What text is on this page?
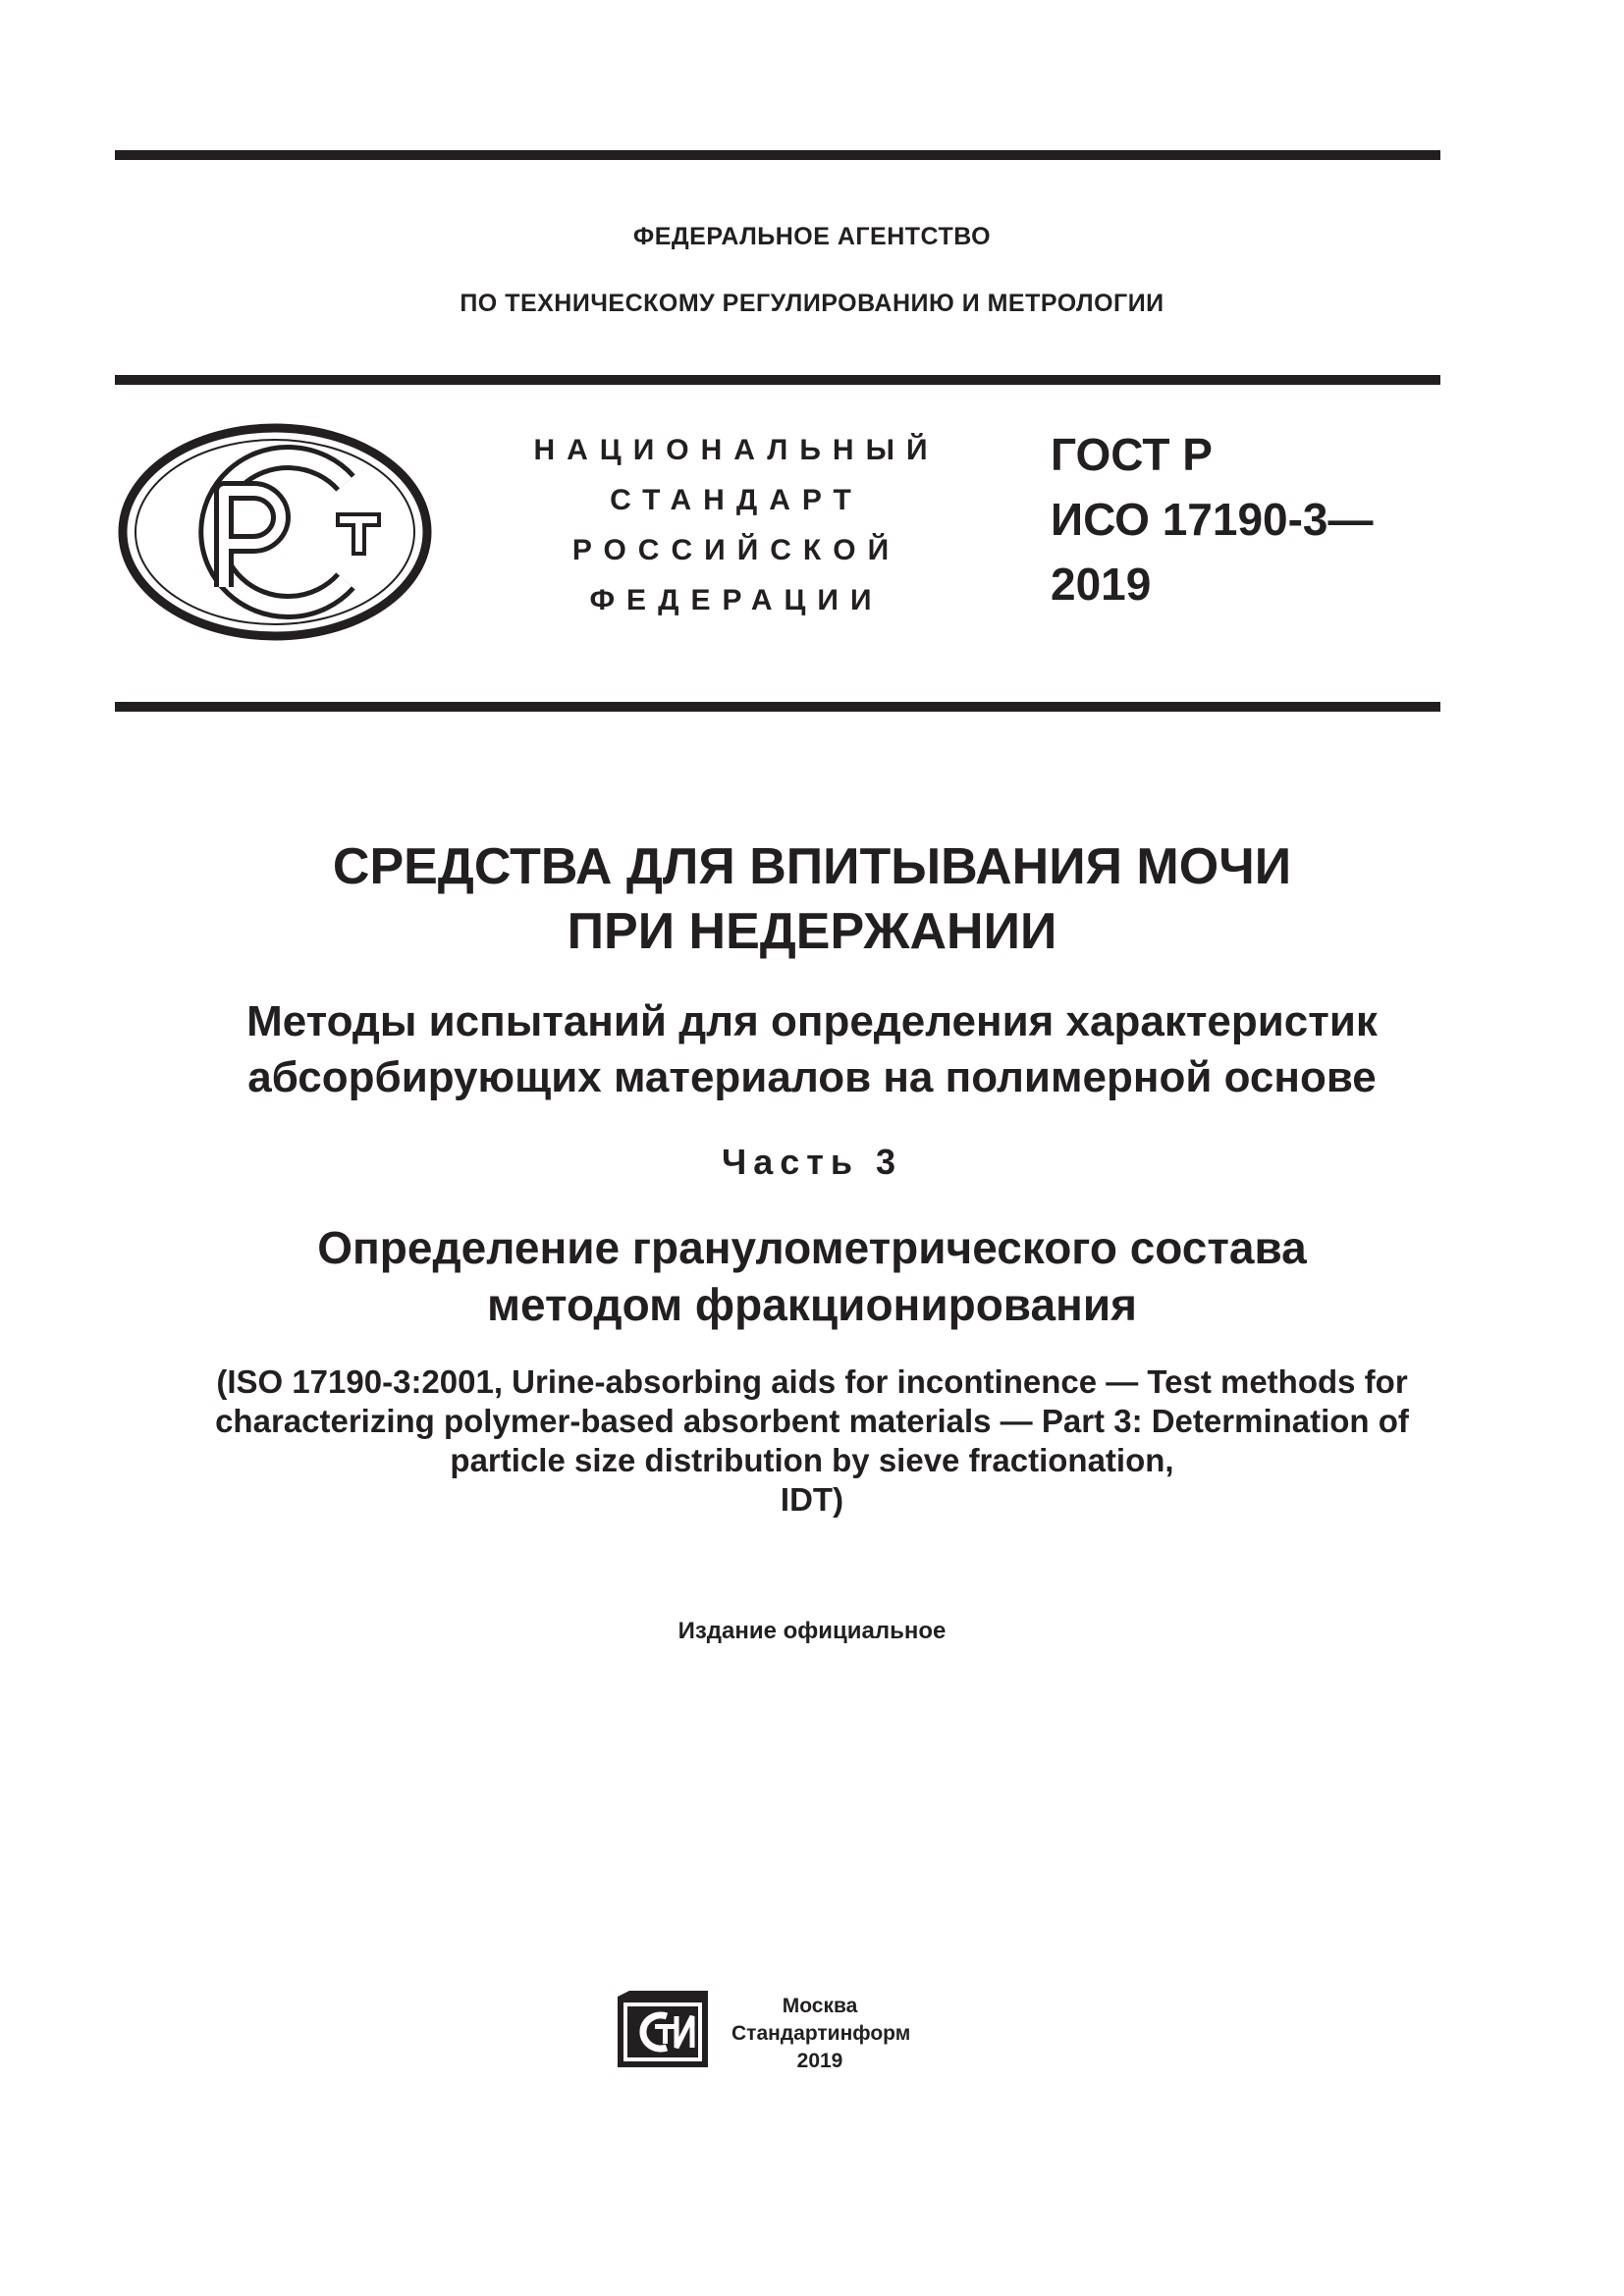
ФЕДЕРАЛЬНОЕ АГЕНТСТВО
ПО ТЕХНИЧЕСКОМУ РЕГУЛИРОВАНИЮ И МЕТРОЛОГИИ
НАЦИОНАЛЬНЫЙ
СТАНДАРТ
РОССИЙСКОЙ
ФЕДЕРАЦИИ
ГОСТ Р
ИСО 17190-3—
2019
СРЕДСТВА ДЛЯ ВПИТЫВАНИЯ МОЧИ
ПРИ НЕДЕРЖАНИИ
Методы испытаний для определения характеристик
абсорбирующих материалов на полимерной основе
Часть 3
Определение гранулометрического состава
методом фракционирования
(ISO 17190-3:2001, Urine-absorbing aids for incontinence — Test methods for
characterizing polymer-based absorbent materials — Part 3: Determination of
particle size distribution by sieve fractionation,
IDT)
Издание официальное
Москва
Стандартинформ
2019
